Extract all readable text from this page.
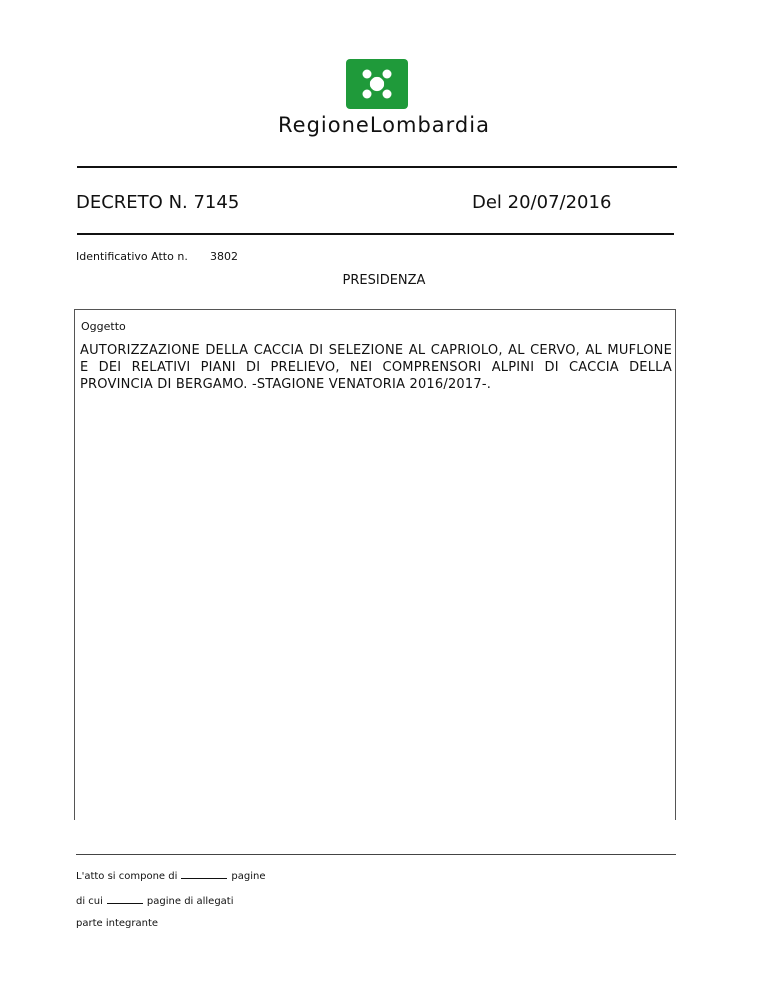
RegioneLombardia
DECRETO N. 7145	Del 20/07/2016
Identificativo Atto n. 3802
PRESIDENZA
Oggetto
AUTORIZZAZIONE DELLA CACCIA DI SELEZIONE AL CAPRIOLO, AL CERVO, AL MUFLONE E DEI RELATIVI PIANI DI PRELIEVO, NEI COMPRENSORI ALPINI DI CACCIA DELLA PROVINCIA DI BERGAMO. -STAGIONE VENATORIA 2016/2017-.
L'atto si compone di	pagine
di cui	pagine di allegati
parte integrante
